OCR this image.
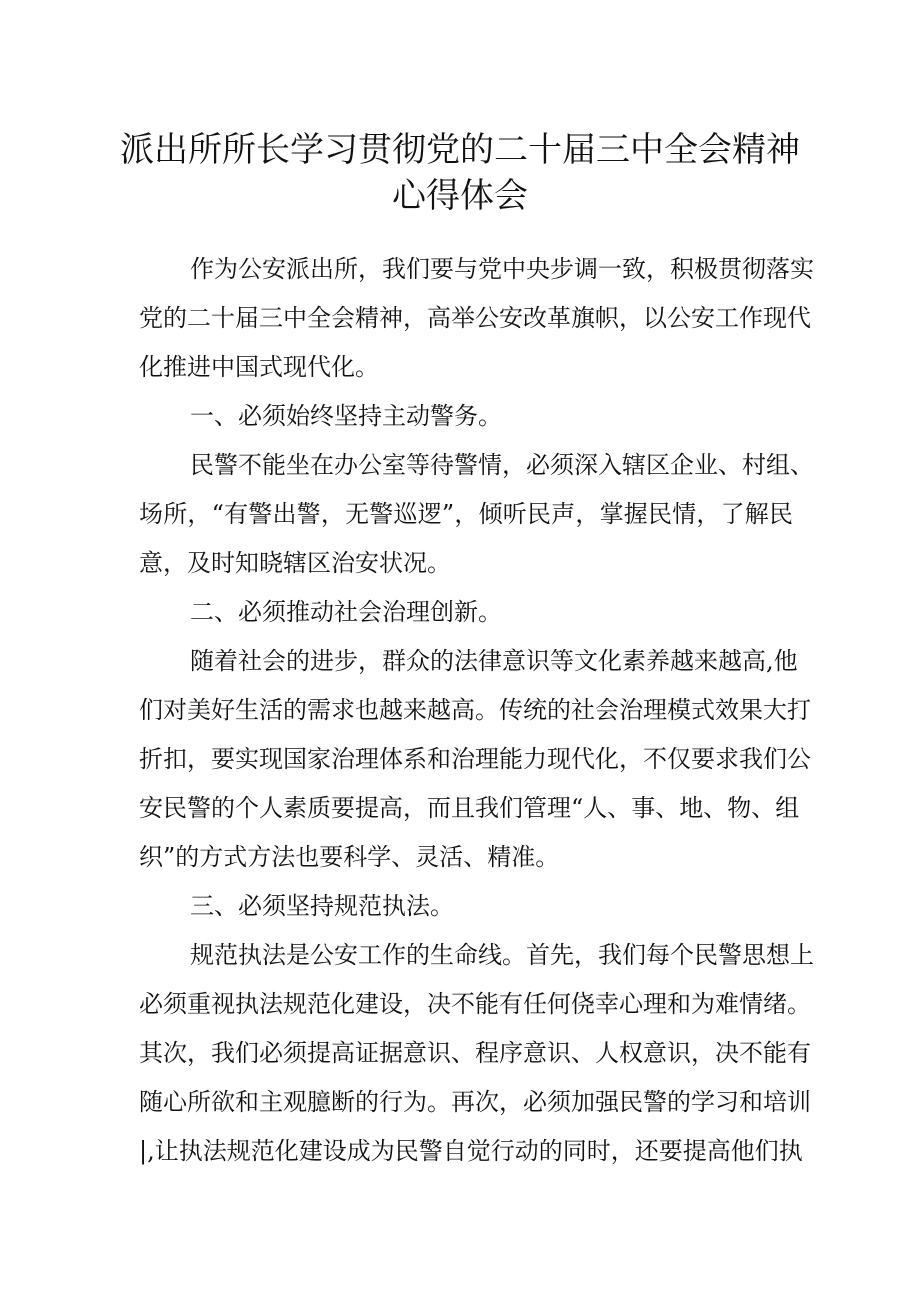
派出所所长学习贯彻党的二十届三中全会精神
心得体会
作为公安派出所，我们要与党中央步调一致，积极贯彻落实
党的二十届三中全会精神，高举公安改革旗帜，以公安工作现代
化推进中国式现代化。
一、必须始终坚持主动警务。
民警不能坐在办公室等待警情，必须深入辖区企业、村组、
场所，“有警出警，无警巡逻”，倾听民声，掌握民情，了解民
意，及时知晓辖区治安状况。
二、必须推动社会治理创新。
随着社会的进步，群众的法律意识等文化素养越来越高,他
们对美好生活的需求也越来越高。传统的社会治理模式效果大打
折扣，要实现国家治理体系和治理能力现代化，不仅要求我们公
安民警的个人素质要提高，而且我们管理“人、事、地、物、组
织”的方式方法也要科学、灵活、精准。
三、必须坚持规范执法。
规范执法是公安工作的生命线。首先，我们每个民警思想上
必须重视执法规范化建设，决不能有任何侥幸心理和为难情绪。
其次，我们必须提高证据意识、程序意识、人权意识，决不能有
随心所欲和主观臆断的行为。再次，必须加强民警的学习和培训
|,让执法规范化建设成为民警自觉行动的同时，还要提高他们执
